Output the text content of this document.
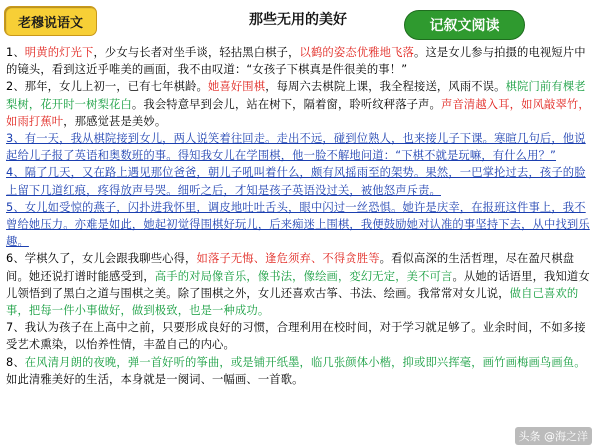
老穆说语文	那些无用的美好	记叙文阅读

1、明黄的灯光下，少女与长者对坐手谈，轻拈黑白棋子，以鹤的姿态优雅地飞落。这是女儿参与拍摄的电视短片中的镜头，看到这近乎唯美的画面，我不由叹道：“女孩子下棋真是件很美的事！”

2、那年，女儿上初一，已有七年棋龄。她喜好围棋，每周六去棋院上课，我全程接送，风雨不误。棋院门前有棵老梨树，花开时一树梨花白。我会特意早到会儿，站在树下，隔着窗，聆听纹秤落子声。声音清越入耳，如风敲翠竹，如雨打蕉叶，那感觉甚是美妙。

3、有一天，我从棋院接到女儿，两人说笑着往回走。走出不远，碰到位熟人，也来接儿子下课。寒暄几句后，他说起给儿子报了英语和奥数班的事。得知我女儿在学围棋，他一脸不解地问道：“下棋不就是玩嘛，有什么用？”

4、隔了几天，又在路上遇见那位爸爸，朝儿子吼叫着什么，颇有风摇雨至的架势。果然，一巴掌抡过去，孩子的脸上留下几道红痕，疼得放声号哭。细听之后，才知是孩子英语没过关，被他怒声斥责。

5、女儿如受惊的燕子，闪扑进我怀里，调皮地吐吐舌头，眼中闪过一丝恐惧。她许是庆幸，在报班这件事上，我不曾给她压力。亦难是如此，她起初觉得围棋好玩儿，后来痴迷上围棋，我便鼓励她对认准的事坚持下去，从中找到乐趣。

6、学棋久了，女儿会跟我聊些心得，如落子无悔、逢危须弃、不得贪胜等。看似高深的生活哲理，尽在盈尺棋盘间。她还说打谱时能感受到，高手的对局像音乐，像书法，像绘画，変幻无定，美不可言。从她的话语里，我知道女儿领悟到了黑白之道与围棋之美。除了围棋之外，女儿还喜欢古筝、书法、绘画。我常常对女儿说，做自己喜欢的事，把每一件小事做好，做到极致，也是一种成功。

7、我认为孩子在上高中之前，只要形成良好的习惯，合理利用在校时间，对于学习就足够了。业余时间，不如多接受艺术熏染，以怡养性情，丰盈自己的内心。

8、在风清月朗的夜晚，弹一首好听的筝曲，或是铺开纸墨，临几张颜体小楷，抑或即兴挥毫，画竹画梅画鸟画鱼。如此清雅美好的生活，本身就是一阕词、一幅画、一首歌。

头条 @海之洋
